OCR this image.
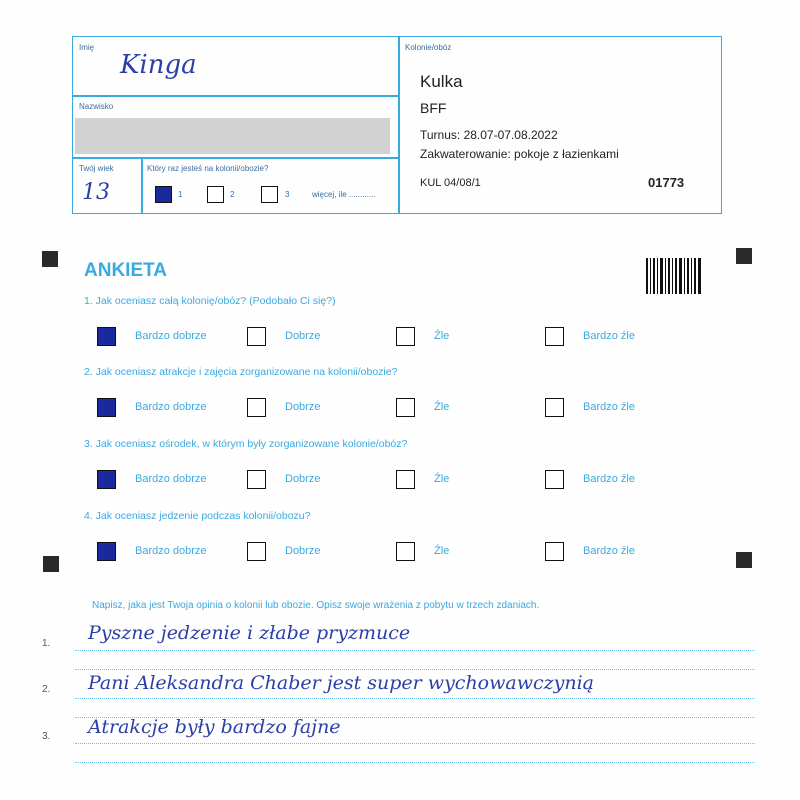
Imię
Kinga
Nazwisko
Twój wiek
13
Który raz jesteś na kolonii/obozie?
1	2	3	więcej, ile ............
Kolonie/obóz
Kulka
BFF
Turnus: 28.07-07.08.2022
Zakwaterowanie: pokoje z łazienkami
KUL 04/08/1	01773
ANKIETA
1. Jak oceniasz całą kolonię/obóz? (Podobało Ci się?)
Bardzo dobrze	Dobrze	Źle	Bardzo źle
2. Jak oceniasz atrakcje i zajęcia zorganizowane na kolonii/obozie?
Bardzo dobrze	Dobrze	Źle	Bardzo źle
3. Jak oceniasz ośrodek, w którym były zorganizowane kolonie/obóz?
Bardzo dobrze	Dobrze	Źle	Bardzo źle
4. Jak oceniasz jedzenie podczas kolonii/obozu?
Bardzo dobrze	Dobrze	Źle	Bardzo źle
Napisz, jaka jest Twoja opinia o kolonii lub obozie. Opisz swoje wrażenia z pobytu w trzech zdaniach.
1. Pyszne jedzenie i złabe pryzmuce
2. Pani Aleksandra Chaber jest super wychowawczynią
3. Atrakcje były bardzo fajne
